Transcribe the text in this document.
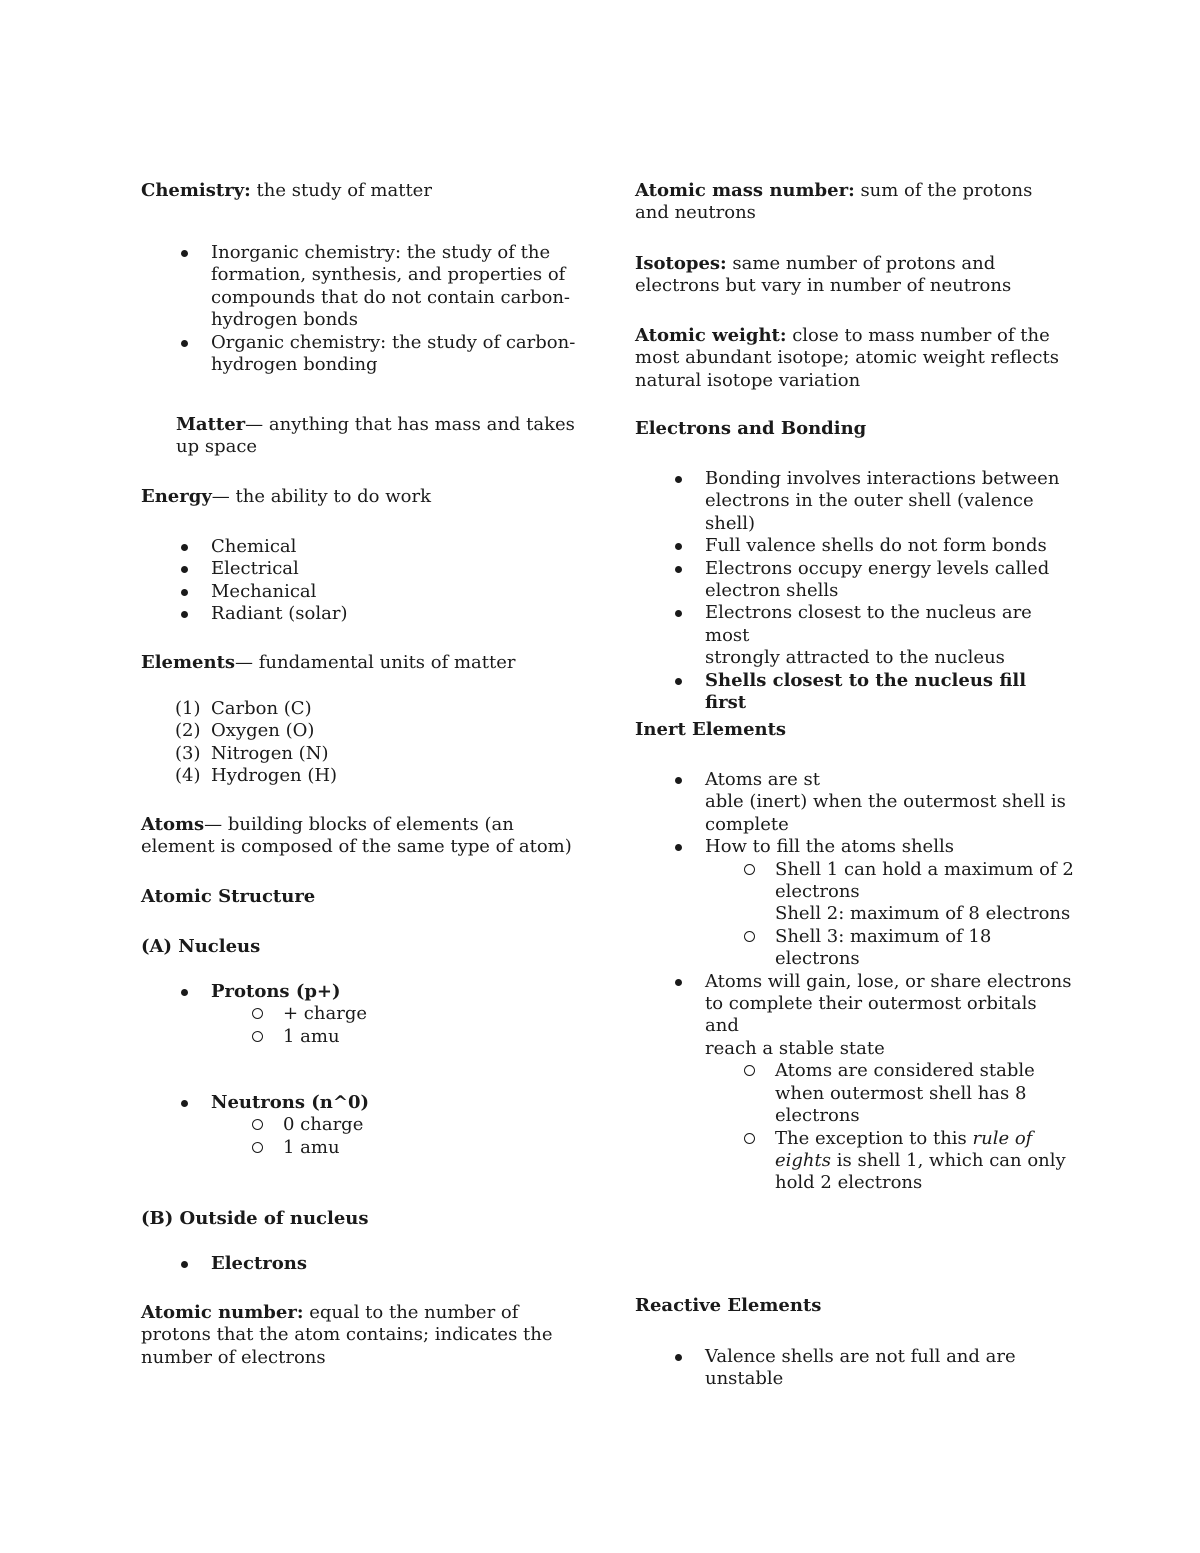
Chemistry: the study of matter

Inorganic chemistry: the study of the
formation, synthesis, and properties of
compounds that do not contain carbon-
hydrogen bonds
Organic chemistry: the study of carbon-
hydrogen bonding
Matter— anything that has mass and takes
up space
Energy— the ability to do work
Chemical
Electrical
Mechanical
Radiant (solar)
Elements— fundamental units of matter
(1) Carbon (C)
(2) Oxygen (O)
(3) Nitrogen (N)
(4) Hydrogen (H)
Atoms— building blocks of elements (an
element is composed of the same type of atom)
Atomic Structure
(A) Nucleus
Protons (p+)
+ charge
1 amu
Neutrons (n^0)
0 charge
1 amu
(B) Outside of nucleus
Electrons
Atomic number: equal to the number of
protons that the atom contains; indicates the
number of electrons
Atomic mass number: sum of the protons
and neutrons
Isotopes: same number of protons and
electrons but vary in number of neutrons
Atomic weight: close to mass number of the
most abundant isotope; atomic weight reflects
natural isotope variation
Electrons and Bonding
Bonding involves interactions between
electrons in the outer shell (valence
shell)
Full valence shells do not form bonds
Electrons occupy energy levels called
electron shells
Electrons closest to the nucleus are most
strongly attracted to the nucleus
Shells closest to the nucleus fill
first
Inert Elements
Atoms are st
able (inert) when the outermost shell is
complete
How to fill the atoms shells
Shell 1 can hold a maximum of 2
electrons
Shell 2: maximum of 8 electrons
Shell 3: maximum of 18
electrons
Atoms will gain, lose, or share electrons
to complete their outermost orbitals and
reach a stable state
Atoms are considered stable
when outermost shell has 8
electrons
The exception to this rule of
eights is shell 1, which can only
hold 2 electrons
Reactive Elements
Valence shells are not full and are
unstable
